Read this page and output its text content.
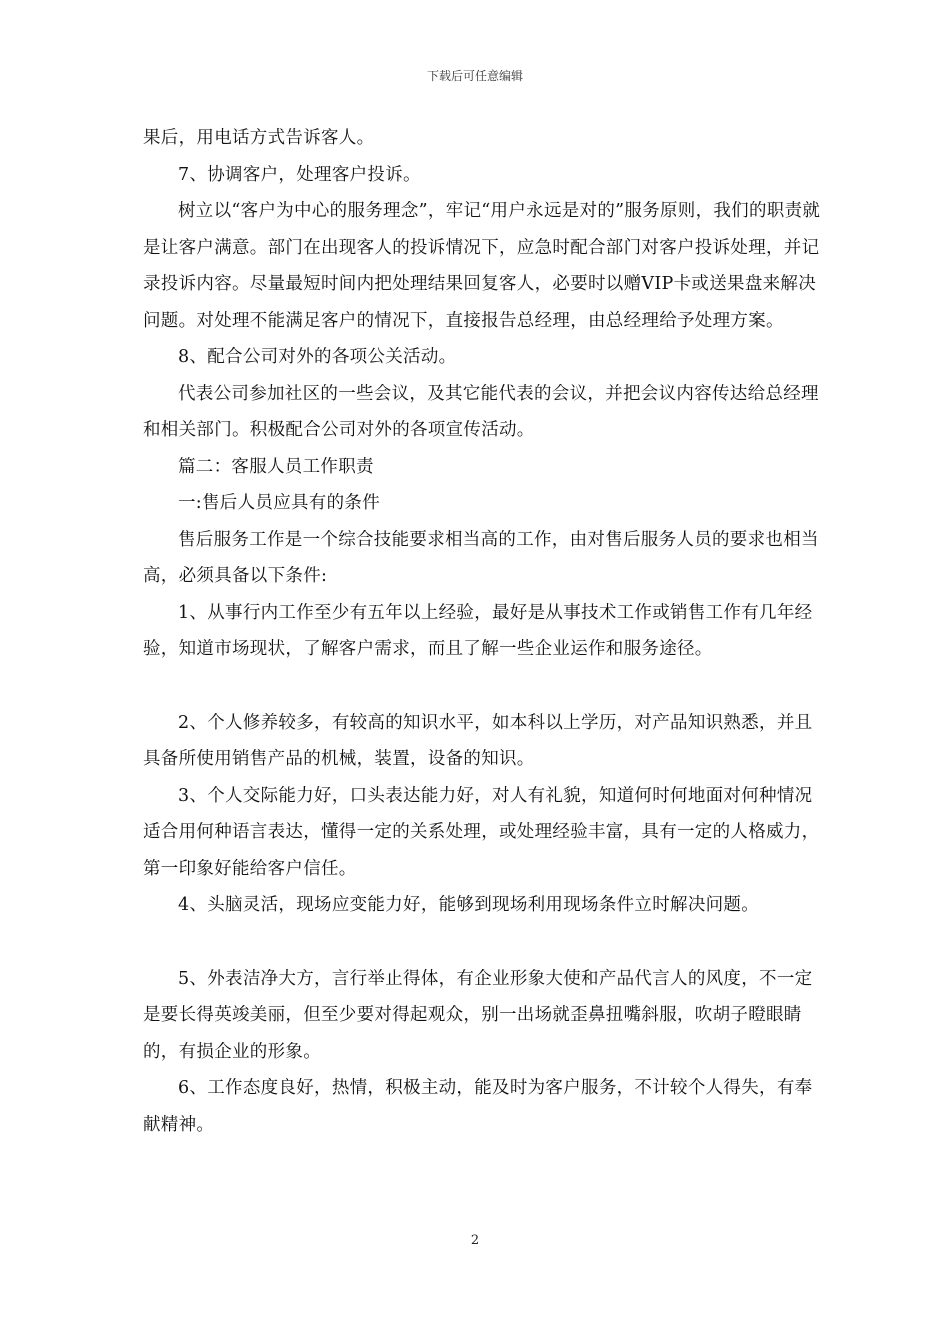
下载后可任意编辑

果后，用电话方式告诉客人。

7、协调客户，处理客户投诉。

树立以“客户为中心的服务理念”，牢记“用户永远是对的”服务原则，我们的职责就是让客户满意。部门在出现客人的投诉情况下，应急时配合部门对客户投诉处理，并记录投诉内容。尽量最短时间内把处理结果回复客人，必要时以赠VIP卡或送果盘来解决问题。对处理不能满足客户的情况下，直接报告总经理，由总经理给予处理方案。

8、配合公司对外的各项公关活动。

代表公司参加社区的一些会议，及其它能代表的会议，并把会议内容传达给总经理和相关部门。积极配合公司对外的各项宣传活动。

篇二：客服人员工作职责

一:售后人员应具有的条件

售后服务工作是一个综合技能要求相当高的工作，由对售后服务人员的要求也相当高，必须具备以下条件:

1、从事行内工作至少有五年以上经验，最好是从事技术工作或销售工作有几年经验，知道市场现状，了解客户需求，而且了解一些企业运作和服务途径。

2、个人修养较多，有较高的知识水平，如本科以上学历，对产品知识熟悉，并且具备所使用销售产品的机械，装置，设备的知识。

3、个人交际能力好，口头表达能力好，对人有礼貌，知道何时何地面对何种情况适合用何种语言表达，懂得一定的关系处理，或处理经验丰富，具有一定的人格威力，第一印象好能给客户信任。

4、头脑灵活，现场应变能力好，能够到现场利用现场条件立时解决问题。

5、外表洁净大方，言行举止得体，有企业形象大使和产品代言人的风度，不一定是要长得英竣美丽，但至少要对得起观众，别一出场就歪鼻扭嘴斜服，吹胡子瞪眼睛的，有损企业的形象。

6、工作态度良好，热情，积极主动，能及时为客户服务，不计较个人得失，有奉献精神。

2
